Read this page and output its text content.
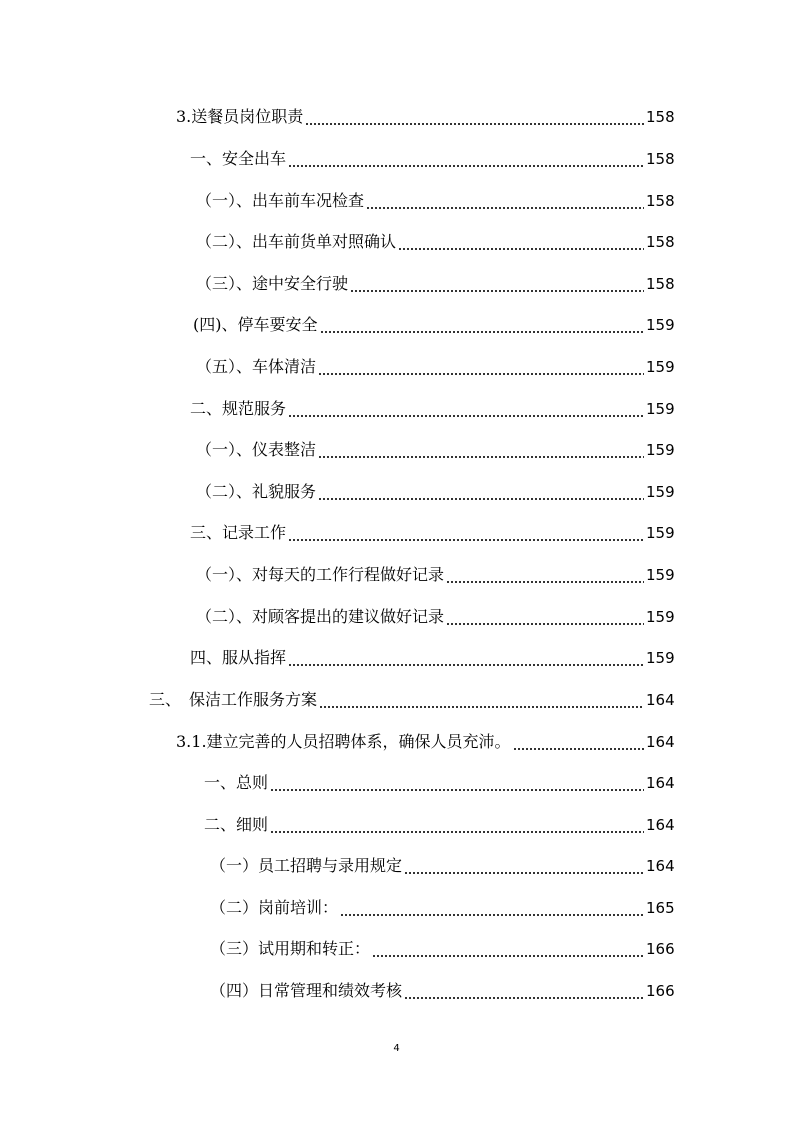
3.送餐员岗位职责	158
一、安全出车	158
（一）、出车前车况检查	158
（二）、出车前货单对照确认	158
（三）、途中安全行驶	158
(四)、停车要安全	159
（五）、车体清洁	159
二、规范服务	159
（一）、仪表整洁	159
（二）、礼貌服务	159
三、记录工作	159
（一）、对每天的工作行程做好记录	159
（二）、对顾客提出的建议做好记录	159
四、服从指挥	159
三、　保洁工作服务方案	164
3.1.建立完善的人员招聘体系，确保人员充沛。	164
一、总则	164
二、细则	164
（一）员工招聘与录用规定	164
（二）岗前培训：	165
（三）试用期和转正：	166
（四）日常管理和绩效考核	166
4
